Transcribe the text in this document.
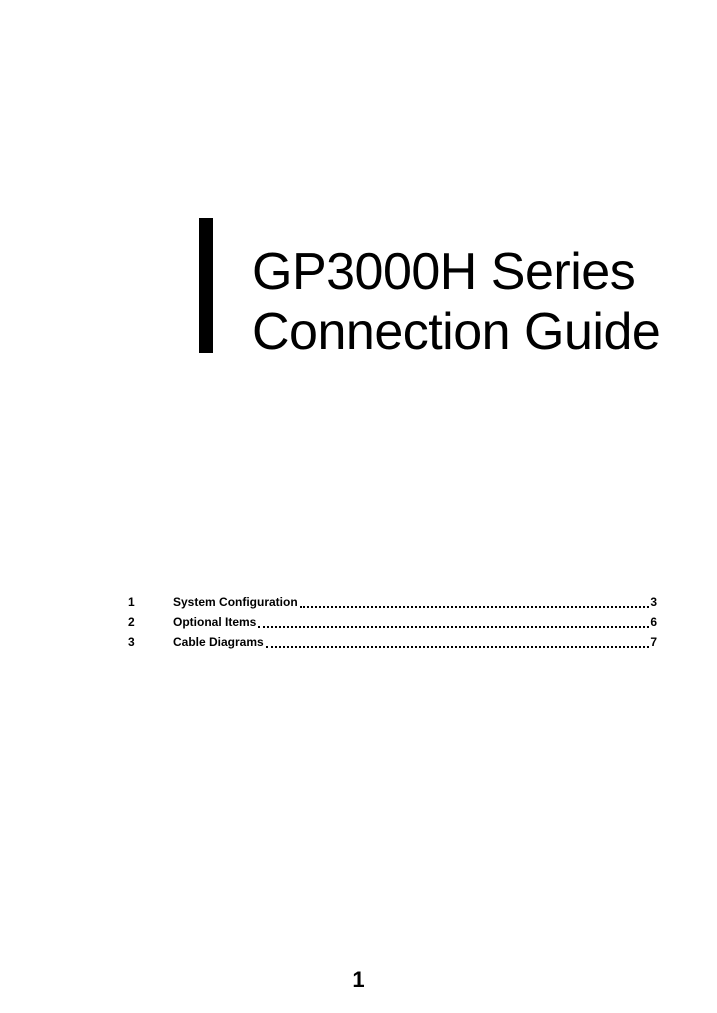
GP3000H Series
Connection Guide
1	System Configuration	3
2	Optional Items	6
3	Cable Diagrams	7
1
